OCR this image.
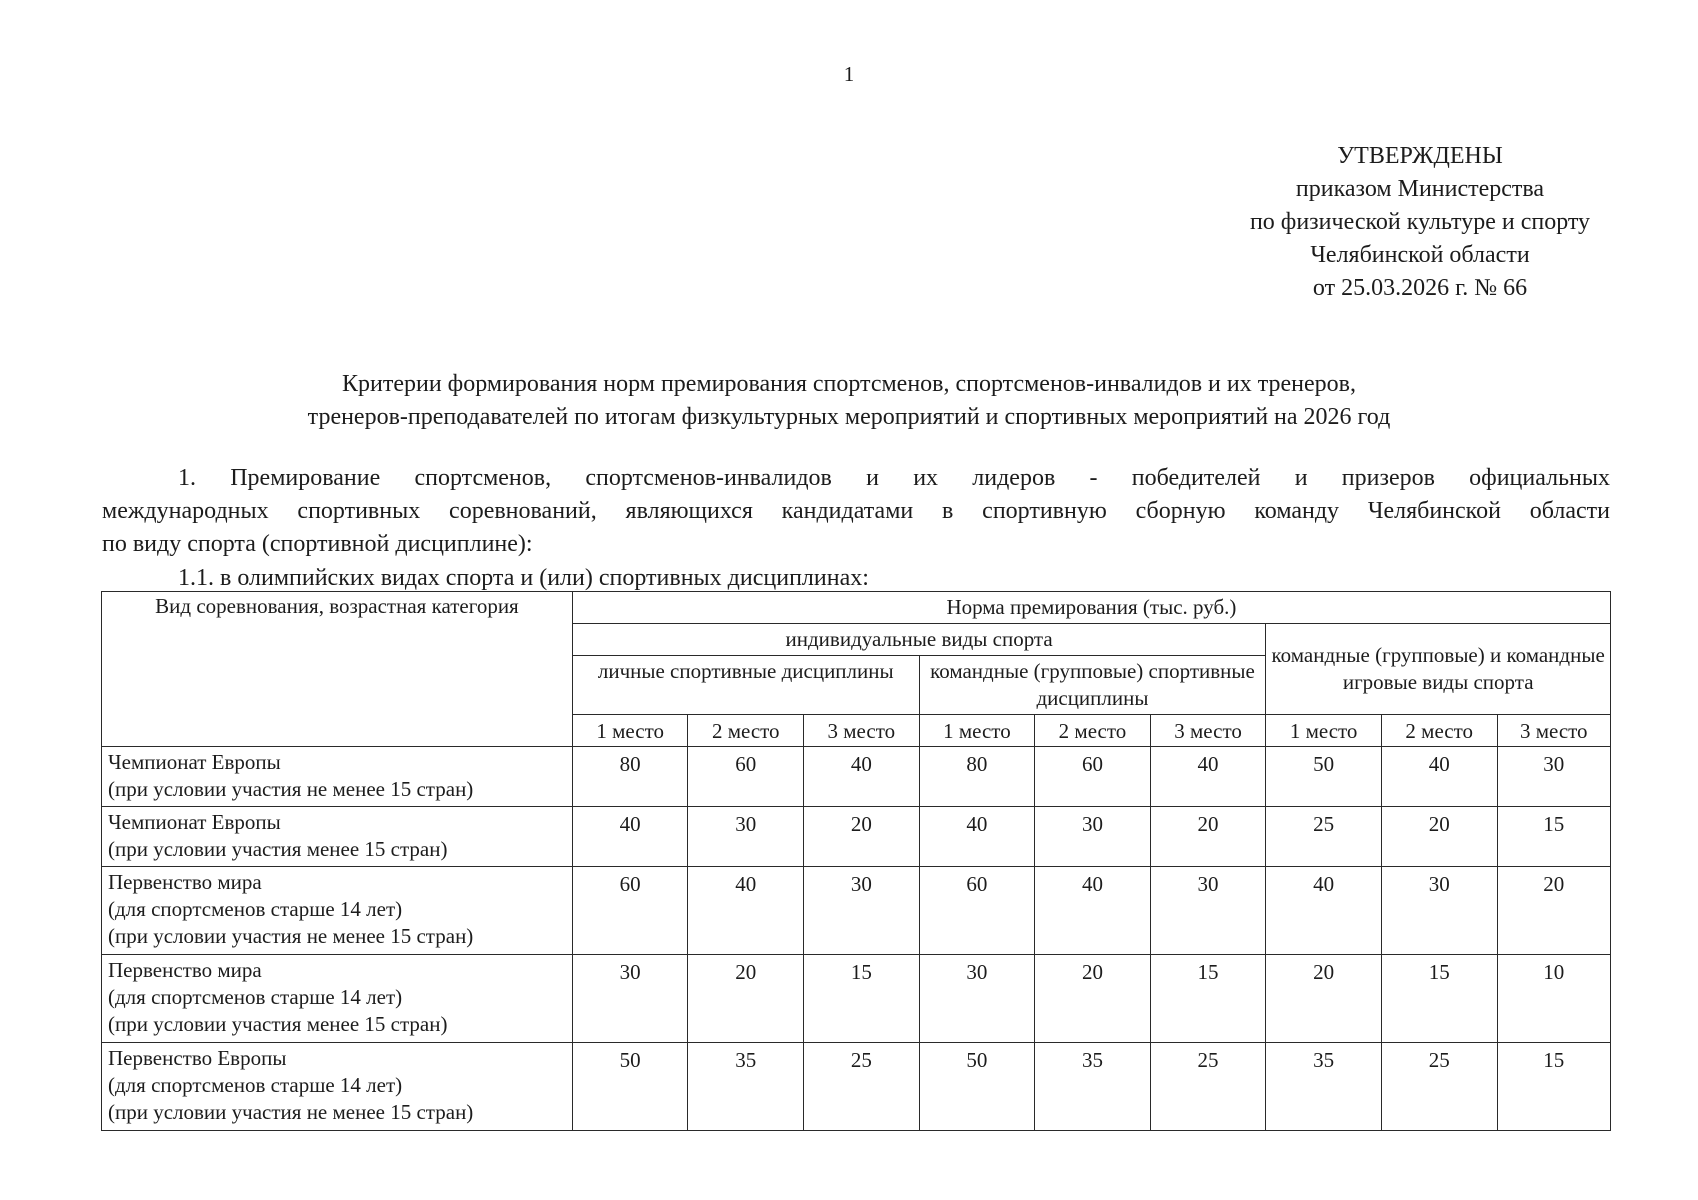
1
УТВЕРЖДЕНЫ
приказом Министерства
по физической культуре и спорту
Челябинской области
от 25.03.2026 г. № 66
Критерии формирования норм премирования спортсменов, спортсменов-инвалидов и их тренеров,
тренеров-преподавателей по итогам физкультурных мероприятий и спортивных мероприятий на 2026 год
1. Премирование спортсменов, спортсменов-инвалидов и их лидеров - победителей и призеров официальных
международных спортивных соревнований, являющихся кандидатами в спортивную сборную команду Челябинской области
по виду спорта (спортивной дисциплине):
1.1. в олимпийских видах спорта и (или) спортивных дисциплинах:
Вид соревнования, возрастная категория	Норма премирования (тыс. руб.)								
	индивидуальные виды спорта						командные (групповые) и командные игровые виды спорта		
	личные спортивные дисциплины			командные (групповые) спортивные дисциплины					
	1 место	2 место	3 место	1 место	2 место	3 место	1 место	2 место	3 место

Чемпионат Европы
(при условии участия не менее 15 стран)	80	60	40	80	60	40	50	40	30

Чемпионат Европы
(при условии участия менее 15 стран)	40	30	20	40	30	20	25	20	15

Первенство мира
(для спортсменов старше 14 лет)
(при условии участия не менее 15 стран)	60	40	30	60	40	30	40	30	20

Первенство мира
(для спортсменов старше 14 лет)
(при условии участия менее 15 стран)	30	20	15	30	20	15	20	15	10

Первенство Европы
(для спортсменов старше 14 лет)
(при условии участия не менее 15 стран)	50	35	25	50	35	25	35	25	15
